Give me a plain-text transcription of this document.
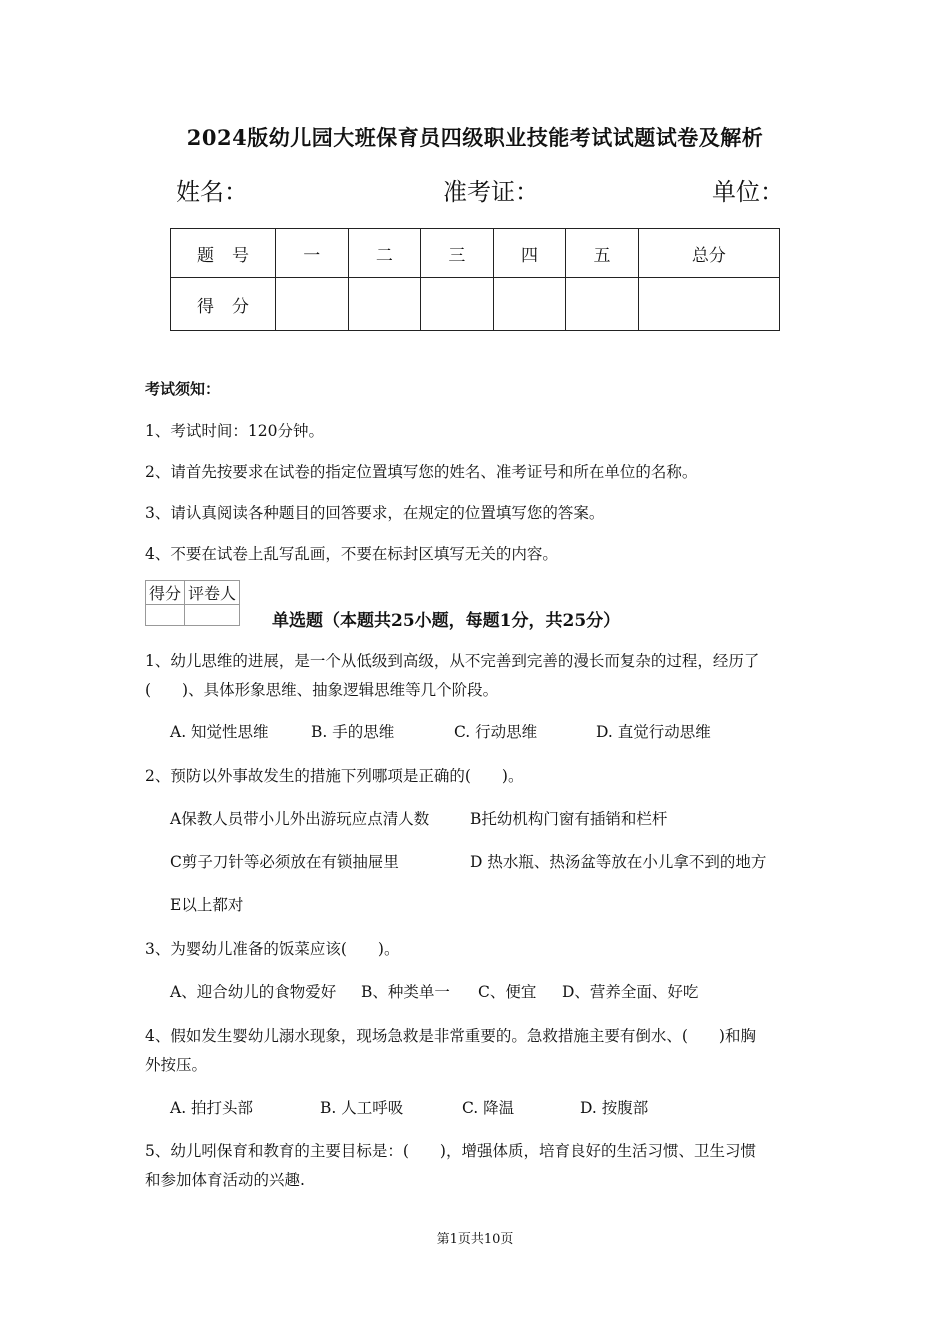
2024版幼儿园大班保育员四级职业技能考试试题试卷及解析
姓名：	准考证：	单位：
题号	一	二	三	四	五	总分
得分						
考试须知：
1、考试时间：120分钟。
2、请首先按要求在试卷的指定位置填写您的姓名、准考证号和所在单位的名称。
3、请认真阅读各种题目的回答要求，在规定的位置填写您的答案。
4、不要在试卷上乱写乱画，不要在标封区填写无关的内容。
得分	评卷人

单选题（本题共25小题，每题1分，共25分）
1、幼儿思维的进展，是一个从低级到高级，从不完善到完善的漫长而复杂的过程，经历了
(　　)、具体形象思维、抽象逻辑思维等几个阶段。
A. 知觉性思维	B. 手的思维	C. 行动思维	D. 直觉行动思维
2、预防以外事故发生的措施下列哪项是正确的(　　)。
A保教人员带小儿外出游玩应点清人数	B托幼机构门窗有插销和栏杆
C剪子刀针等必须放在有锁抽屉里	D 热水瓶、热汤盆等放在小儿拿不到的地方
E以上都对
3、为婴幼儿准备的饭菜应该(　　)。
A、迎合幼儿的食物爱好 B、种类单一 C、便宜 D、营养全面、好吃
4、假如发生婴幼儿溺水现象，现场急救是非常重要的。急救措施主要有倒水、(　　)和胸
外按压。
A. 拍打头部	B. 人工呼吸	C. 降温	D. 按腹部
5、幼儿吲保育和教育的主要目标是：(　　)，增强体质，培育良好的生活习惯、卫生习惯
和参加体育活动的兴趣.
第1页共10页
